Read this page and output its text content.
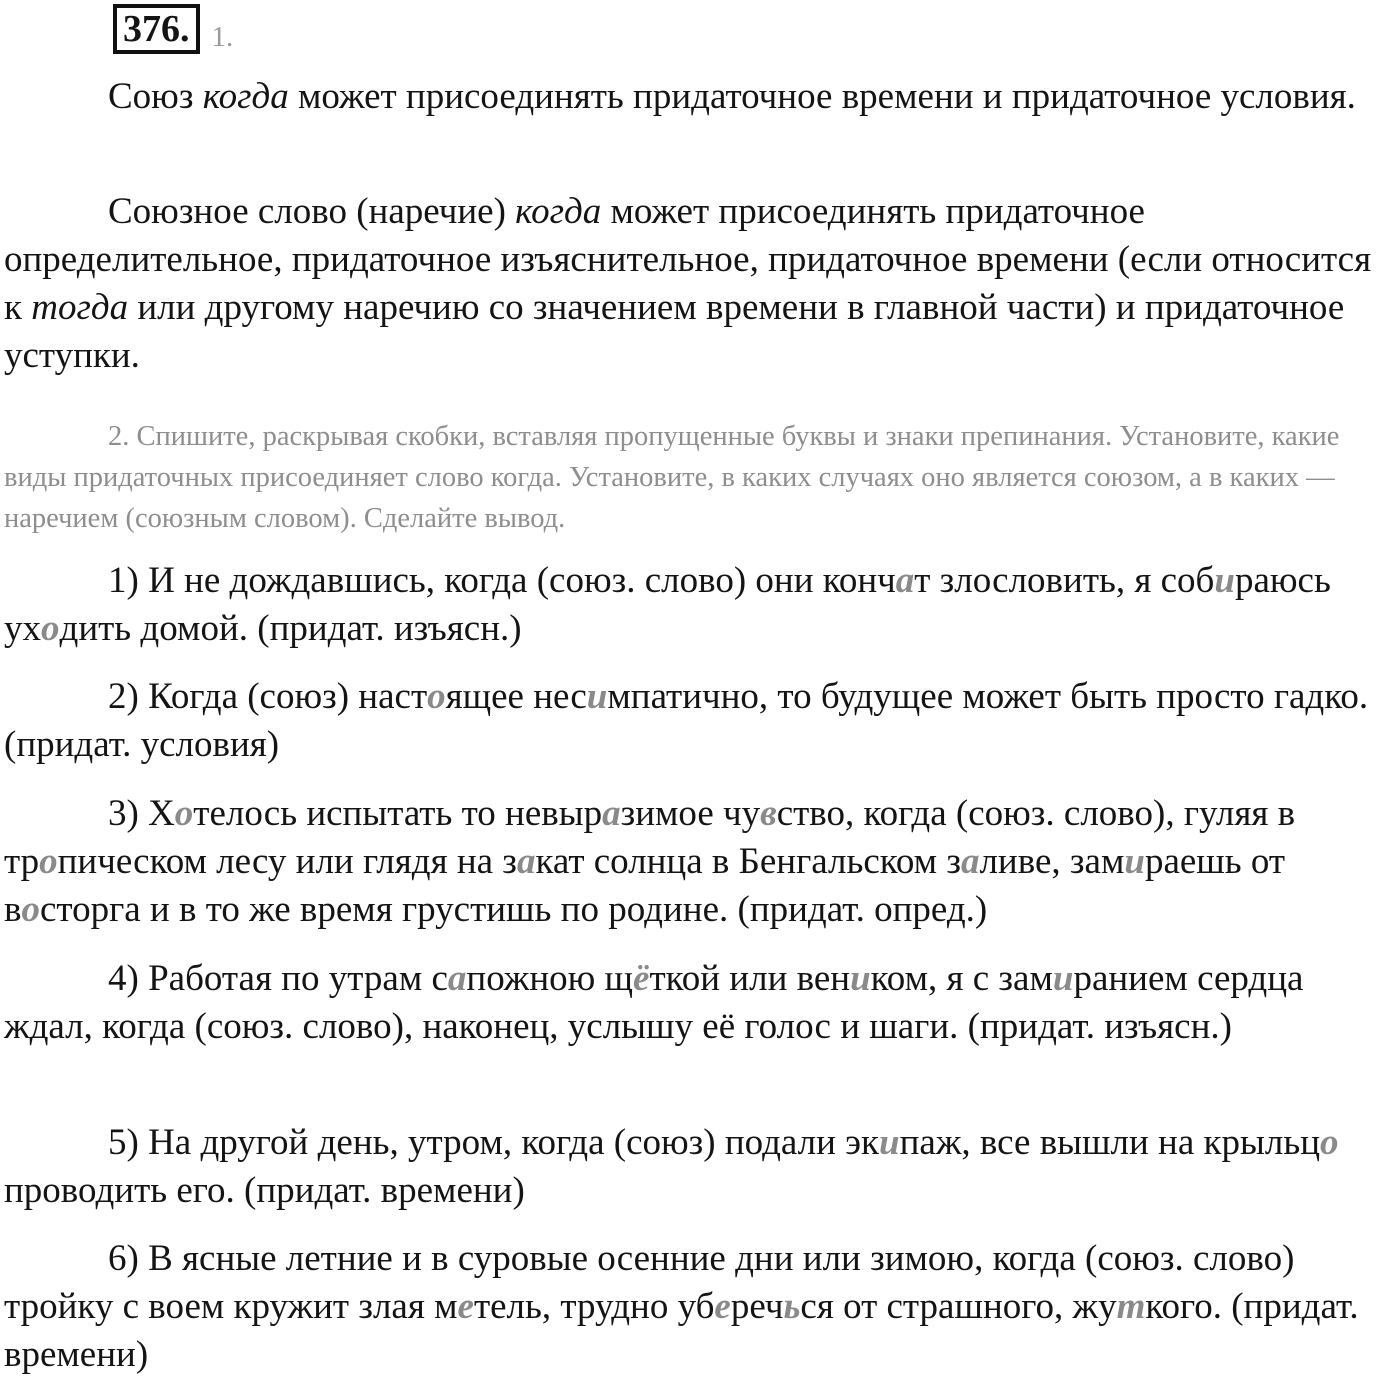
376. 1.

Союз когда может присоединять придаточное времени и придаточное условия.

Союзное слово (наречие) когда может присоединять придаточное определительное, придаточное изъяснительное, придаточное времени (если относится к тогда или другому наречию со значением времени в главной части) и придаточное уступки.

2. Спишите, раскрывая скобки, вставляя пропущенные буквы и знаки препинания. Установите, какие виды придаточных присоединяет слово когда. Установите, в каких случаях оно является союзом, а в каких — наречием (союзным словом). Сделайте вывод.

1) И не дождавшись, когда (союз. слово) они кончат злословить, я собираюсь уходить домой. (придат. изъясн.)

2) Когда (союз) настоящее несимпатично, то будущее может быть просто гадко. (придат. условия)

3) Хотелось испытать то невыразимое чувство, когда (союз. слово), гуляя в тропическом лесу или глядя на закат солнца в Бенгальском заливе, замираешь от восторга и в то же время грустишь по родине. (придат. опред.)

4) Работая по утрам сапожною щёткой или веником, я с замиранием сердца ждал, когда (союз. слово), наконец, услышу её голос и шаги. (придат. изъясн.)

5) На другой день, утром, когда (союз) подали экипаж, все вышли на крыльцо проводить его. (придат. времени)

6) В ясные летние и в суровые осенние дни или зимою, когда (союз. слово) тройку с воем кружит злая метель, трудно уберечься от страшного, жуткого. (придат. времени)
